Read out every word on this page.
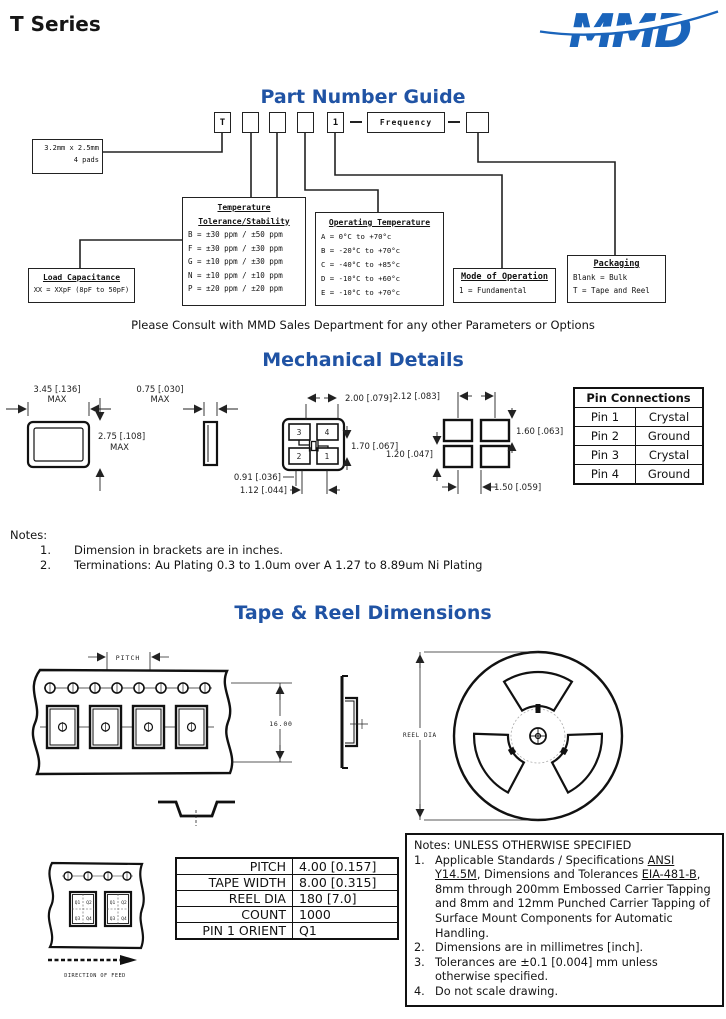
T Series	MMD
Part Number Guide
T	1	Frequency
3.2mm x 2.5mm
4 pads
Load Capacitance
XX = XXpF (8pF to 50pF)
Temperature
Tolerance/Stability
B = ±30 ppm / ±50 ppm
F = ±30 ppm / ±30 ppm
G = ±10 ppm / ±30 ppm
N = ±10 ppm / ±10 ppm
P = ±20 ppm / ±20 ppm
Operating Temperature
A = 0°C to +70°c
B = -20°C to +70°c
C = -40°C to +85°c
D = -10°C to +60°c
E = -10°C to +70°c
Mode of Operation
1 = Fundamental
Packaging
Blank = Bulk
T = Tape and Reel
Please Consult with MMD Sales Department for any other Parameters or Options
Mechanical Details
3.45 [.136]
MAX
2.75 [.108]
MAX
0.75 [.030]
MAX
3	4
2	1
2.00 [.079]
1.70 [.067]
0.91 [.036]
1.12 [.044]
2.12 [.083]
1.60 [.063]
1.20 [.047]
1.50 [.059]
Pin Connections	
Pin 1	Crystal
Pin 2	Ground
Pin 3	Crystal
Pin 4	Ground
Notes:
1.	Dimension in brackets are in inches.
2.	Terminations: Au Plating 0.3 to 1.0um over A 1.27 to 8.89um Ni Plating
Tape & Reel Dimensions
PITCH
16.00
REEL DIA
Q1 Q2
Q3 Q4
Q1 Q2
Q3 Q4
DIRECTION OF FEED
PITCH	4.00 [0.157]
TAPE WIDTH	8.00 [0.315]
REEL DIA	180 [7.0]
COUNT	1000
PIN 1 ORIENT	Q1
Notes: UNLESS OTHERWISE SPECIFIED
1. Applicable Standards / Specifications ANSI Y14.5M, Dimensions and Tolerances EIA-481-B, 8mm through 200mm Embossed Carrier Tapping and 8mm and 12mm Punched Carrier Tapping of Surface Mount Components for Automatic Handling.
2. Dimensions are in millimetres [inch].
3. Tolerances are ±0.1 [0.004] mm unless otherwise specified.
4. Do not scale drawing.
